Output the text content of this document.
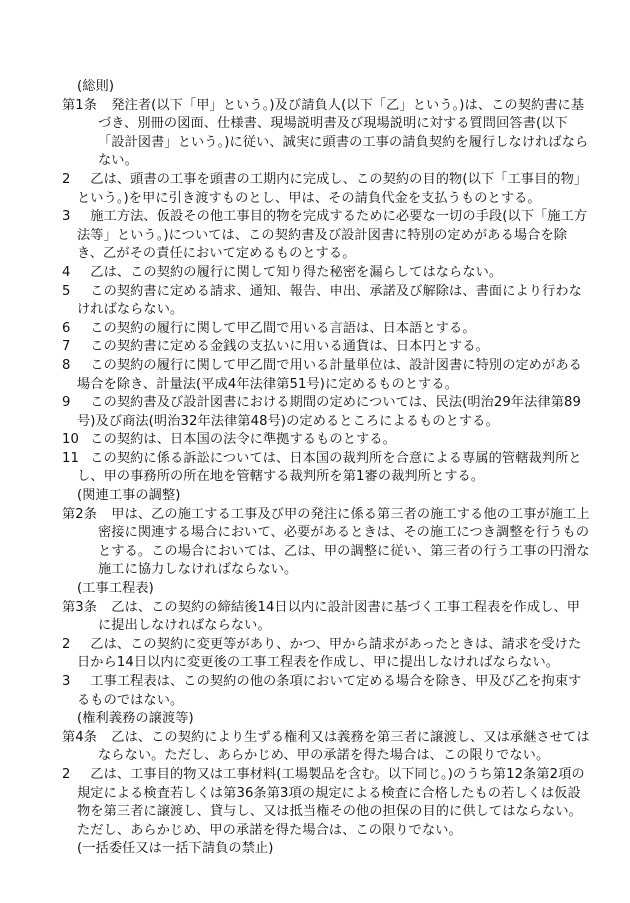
(総則)
第1条 　発注者(以下「甲」という。)及び請負人(以下「乙」という。)は、この契約書に基づき、別冊の図面、仕様書、現場説明書及び現場説明に対する質問回答書(以下「設計図書」という。)に従い、誠実に頭書の工事の請負契約を履行しなければならない。
2 　乙は、頭書の工事を頭書の工期内に完成し、この契約の目的物(以下「工事目的物」という。)を甲に引き渡すものとし、甲は、その請負代金を支払うものとする。
3 　施工方法、仮設その他工事目的物を完成するために必要な一切の手段(以下「施工方法等」という。)については、この契約書及び設計図書に特別の定めがある場合を除き、乙がその責任において定めるものとする。
4 　乙は、この契約の履行に関して知り得た秘密を漏らしてはならない。
5 　この契約書に定める請求、通知、報告、申出、承諾及び解除は、書面により行わなければならない。
6 　この契約の履行に関して甲乙間で用いる言語は、日本語とする。
7 　この契約書に定める金銭の支払いに用いる通貨は、日本円とする。
8 　この契約の履行に関して甲乙間で用いる計量単位は、設計図書に特別の定めがある場合を除き、計量法(平成4年法律第51号)に定めるものとする。
9 　この契約書及び設計図書における期間の定めについては、民法(明治29年法律第89号)及び商法(明治32年法律第48号)の定めるところによるものとする。
10
　この契約は、日本国の法令に準拠するものとする。
11
　この契約に係る訴訟については、日本国の裁判所を合意による専属的管轄裁判所とし、甲の事務所の所在地を管轄する裁判所を第1審の裁判所とする。
(関連工事の調整)
第2条 　甲は、乙の施工する工事及び甲の発注に係る第三者の施工する他の工事が施工上密接に関連する場合において、必要があるときは、その施工につき調整を行うものとする。この場合においては、乙は、甲の調整に従い、第三者の行う工事の円滑な施工に協力しなければならない。
(工事工程表)
第3条 　乙は、この契約の締結後14日以内に設計図書に基づく工事工程表を作成し、甲に提出しなければならない。
2 　乙は、この契約に変更等があり、かつ、甲から請求があったときは、請求を受けた日から14日以内に変更後の工事工程表を作成し、甲に提出しなければならない。
3 　工事工程表は、この契約の他の条項において定める場合を除き、甲及び乙を拘束するものではない。
(権利義務の譲渡等)
第4条 　乙は、この契約により生ずる権利又は義務を第三者に譲渡し、又は承継させてはならない。ただし、あらかじめ、甲の承諾を得た場合は、この限りでない。
2 　乙は、工事目的物又は工事材料(工場製品を含む。以下同じ。)のうち第12条第2項の規定による検査若しくは第36条第3項の規定による検査に合格したもの若しくは仮設物を第三者に譲渡し、貸与し、又は抵当権その他の担保の目的に供してはならない。ただし、あらかじめ、甲の承諾を得た場合は、この限りでない。
(一括委任又は一括下請負の禁止)
